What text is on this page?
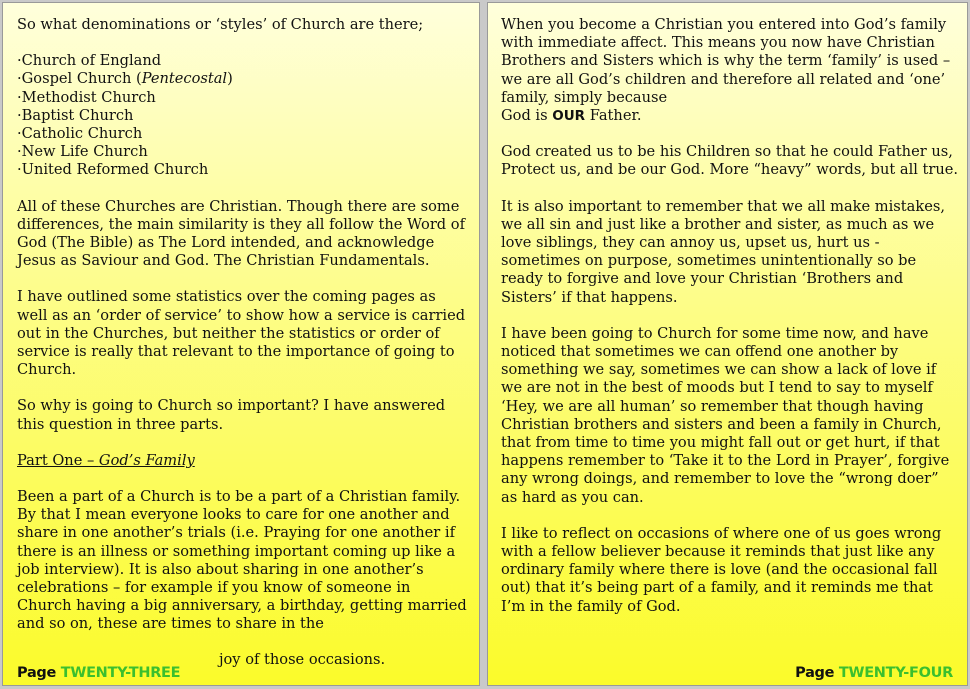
So what denominations or ‘styles’ of Church are there;

·Church of England
·Gospel Church (Pentecostal)
·Methodist Church
·Baptist Church
·Catholic Church
·New Life Church
·United Reformed Church

All of these Churches are Christian. Though there are some differences, the main similarity is they all follow the Word of God (The Bible) as The Lord intended, and acknowledge Jesus as Saviour and God. The Christian Fundamentals.

I have outlined some statistics over the coming pages as well as an ‘order of service’ to show how a service is carried out in the Churches, but neither the statistics or order of service is really that relevant to the importance of going to Church.

So why is going to Church so important? I have answered this question in three parts.

Part One – God’s Family

Been a part of a Church is to be a part of a Christian family. By that I mean everyone looks to care for one another and share in one another’s trials (i.e. Praying for one another if there is an illness or something important coming up like a job interview). It is also about sharing in one another’s celebrations – for example if you know of someone in Church having a big anniversary, a birthday, getting married and so on, these are times to share in the

joy of those occasions.
Page TWENTY-THREE

When you become a Christian you entered into God’s family with immediate affect. This means you now have Christian Brothers and Sisters which is why the term ‘family’ is used – we are all God’s children and therefore all related and ‘one’ family, simply because
God is OUR Father.

God created us to be his Children so that he could Father us, Protect us, and be our God. More “heavy” words, but all true.

It is also important to remember that we all make mistakes, we all sin and just like a brother and sister, as much as we love siblings, they can annoy us, upset us, hurt us - sometimes on purpose, sometimes unintentionally so be ready to forgive and love your Christian ‘Brothers and Sisters’ if that happens.

I have been going to Church for some time now, and have noticed that sometimes we can offend one another by something we say, sometimes we can show a lack of love if we are not in the best of moods but I tend to say to myself ‘Hey, we are all human’ so remember that though having Christian brothers and sisters and been a family in Church, that from time to time you might fall out or get hurt, if that happens remember to ‘Take it to the Lord in Prayer’, forgive any wrong doings, and remember to love the “wrong doer” as hard as you can.

I like to reflect on occasions of where one of us goes wrong with a fellow believer because it reminds that just like any ordinary family where there is love (and the occasional fall out) that it’s being part of a family, and it reminds me that I’m in the family of God.

Page TWENTY-FOUR
